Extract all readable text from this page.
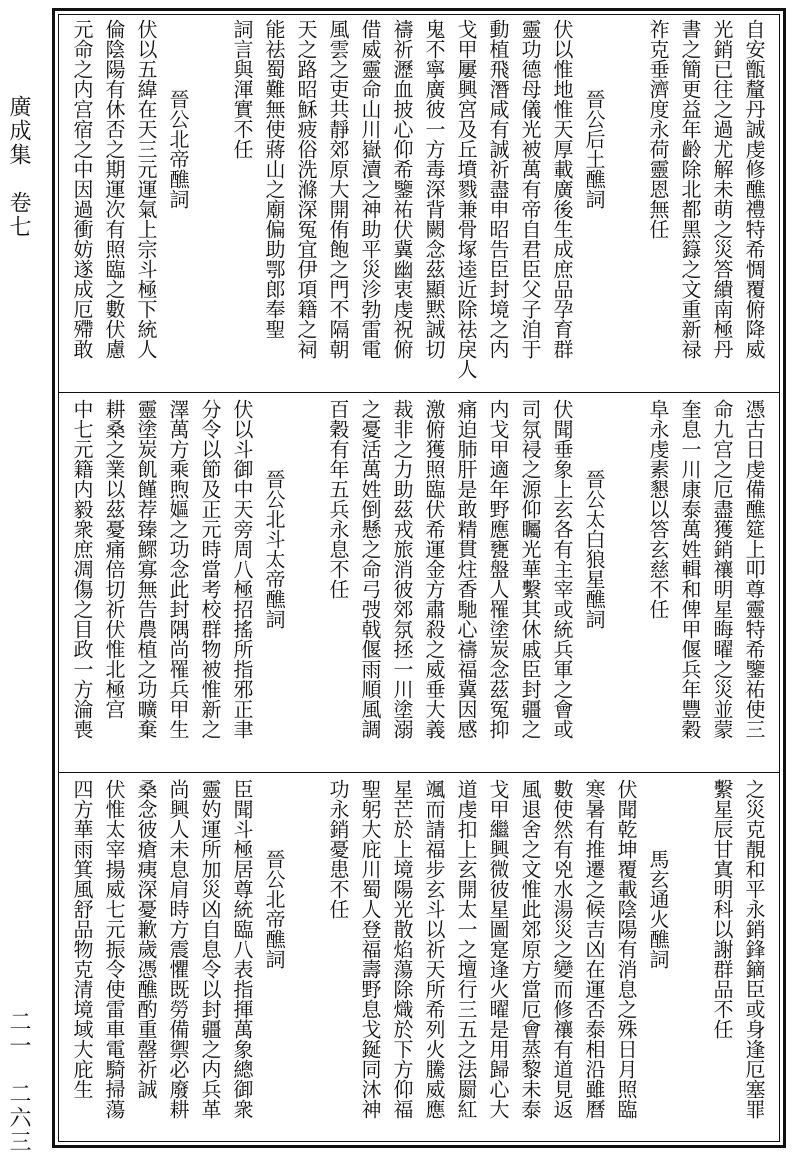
廣成集　卷七
二一　二六三
自安甑釐丹誠虔修醮禮特希惆覆俯降威
光銷已往之過尤解未萌之災答繢南極丹
書之簡更益年齡除北都黑籙之文重新禄
祚克垂濟度永荷靈恩無任
晉公后土醮詞
伏以惟地惟天厚載廣後生成庶品孕育群
靈功德母儀光被萬有帝自君臣父子洎于
動植飛潛咸有誠祈盡申昭告臣封境之内
戈甲屢興宮及丘墳戮兼骨塚逵近除祛戾人
鬼不寧廣彼一方毒深背闕念茲顯黙誠切
禱祈瀝血披心仰希鑒祐伏冀幽衷虔祝俯
借威靈命山川嶽瀆之神助平災沴勃雷電
風雲之吏共靜郊原大開侑飽之門不隔朝
天之路昭穌疲俗洗滌深冤宜伊項籍之祠
能祛蜀難無使蔣山之廟偏助鄂郎奉聖
詞言與渾實不任
晉公北帝醮詞
伏以五緯在天三元運氣上宗斗極下統人
倫陰陽有休否之期運次有照臨之數伏慮
元命之内宫宿之中因過衝妨遂成厄殢敢
憑古日虔備醮筵上叩尊靈特希鑒祐使三
命九宫之厄盡獲銷禳明星晦曜之災並蒙
奎息一川康泰萬姓輯和俾甲偃兵年豐穀
阜永虔素懇以答玄慈不任
晉公太白狼星醮詞
伏聞垂象上玄各有主宰或統兵軍之會或
司氛祲之源仰矚光華繫其休戚臣封疆之
内戈甲適年野應甕盤人罹塗炭念茲冤抑
痛迫肺肝是敢精貫炷香馳心禱福冀因感
激俯獲照臨伏希運金方肅殺之威垂大義
裁非之力助茲戎旅消彼郊氛拯一川塗溺
之憂活萬姓倒懸之命弓弢戟偃雨順風調
百穀有年五兵永息不任
晉公北斗太帝醮詞
伏以斗御中天旁周八極招搖所指邪正聿
分令以節及正元時當考校群物被惟新之
澤萬方乘煦嫗之功念此封隅尚罹兵甲生
靈塗炭飢饉荐臻鰥寡無告農植之功曠棄
耕桑之業以茲憂痛倍切祈伏惟北極宫
中七元籍内毅衆庶凋傷之目政一方淪喪
之災克靚和平永銷鋒鏑臣或身逢厄塞罪
繫星辰甘寘明科以謝群品不任
馬玄通火醮詞
伏聞乾坤覆載陰陽有消息之殊日月照臨
寒暑有推遷之候吉凶在運否泰相沿雖曆
數使然有兇水湯災之變而修禳有道見返
風退舍之文惟此郊原方當厄會蒸黎未泰
戈甲繼興微彼星圖寔逢火曜是用歸心大
道虔扣上玄開太一之壇行三五之法罽紅
颯而請福步玄斗以祈天所希列火騰威應
星芒於上境陽光散焰蕩除熾於下方仰福
聖躬大庇川蜀人登福壽野息戈鋋同沐神
功永銷憂患不任
晉公北帝醮詞
臣聞斗極居尊統臨八表指揮萬象總御衆
靈妁運所加災凶自息令以封疆之内兵革
尚興人未息肩時方震懼既勞備禦必廢耕
桑念彼瘡痍深憂歉歲憑醮酌重罄祈誠
伏惟太宰揚威七元振令使雷車電騎掃蕩
四方華雨箕風舒品物克清境域大庇生
